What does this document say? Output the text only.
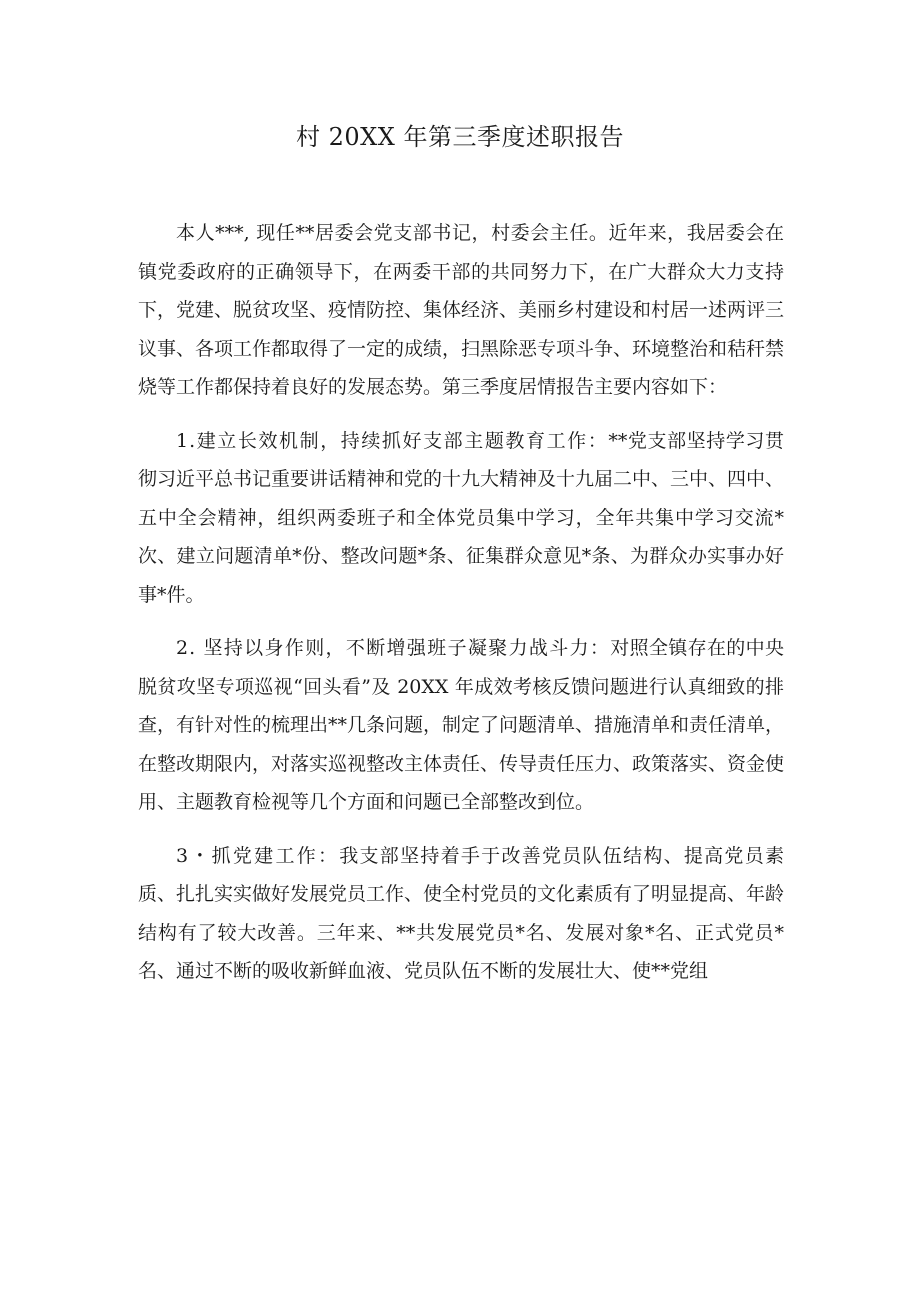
村 20XX 年第三季度述职报告

本人***, 现任**居委会党支部书记，村委会主任。近年来，我居委会在镇党委政府的正确领导下，在两委干部的共同努力下，在广大群众大力支持下，党建、脱贫攻坚、疫情防控、集体经济、美丽乡村建设和村居一述两评三议事、各项工作都取得了一定的成绩，扫黑除恶专项斗争、环境整治和秸秆禁烧等工作都保持着良好的发展态势。第三季度居情报告主要内容如下：

1.建立长效机制，持续抓好支部主题教育工作：**党支部坚持学习贯彻习近平总书记重要讲话精神和党的十九大精神及十九届二中、三中、四中、五中全会精神，组织两委班子和全体党员集中学习，全年共集中学习交流*次、建立问题清单*份、整改问题*条、征集群众意见*条、为群众办实事办好事*件。

2. 坚持以身作则，不断增强班子凝聚力战斗力：对照全镇存在的中央脱贫攻坚专项巡视“回头看”及 20XX 年成效考核反馈问题进行认真细致的排查，有针对性的梳理出**几条问题，制定了问题清单、措施清单和责任清单，在整改期限内，对落实巡视整改主体责任、传导责任压力、政策落实、资金使用、主题教育检视等几个方面和问题已全部整改到位。

3・抓党建工作：我支部坚持着手于改善党员队伍结构、提高党员素质、扎扎实实做好发展党员工作、使全村党员的文化素质有了明显提高、年龄结构有了较大改善。三年来、**共发展党员*名、发展对象*名、正式党员*名、通过不断的吸收新鲜血液、党员队伍不断的发展壮大、使**党组
